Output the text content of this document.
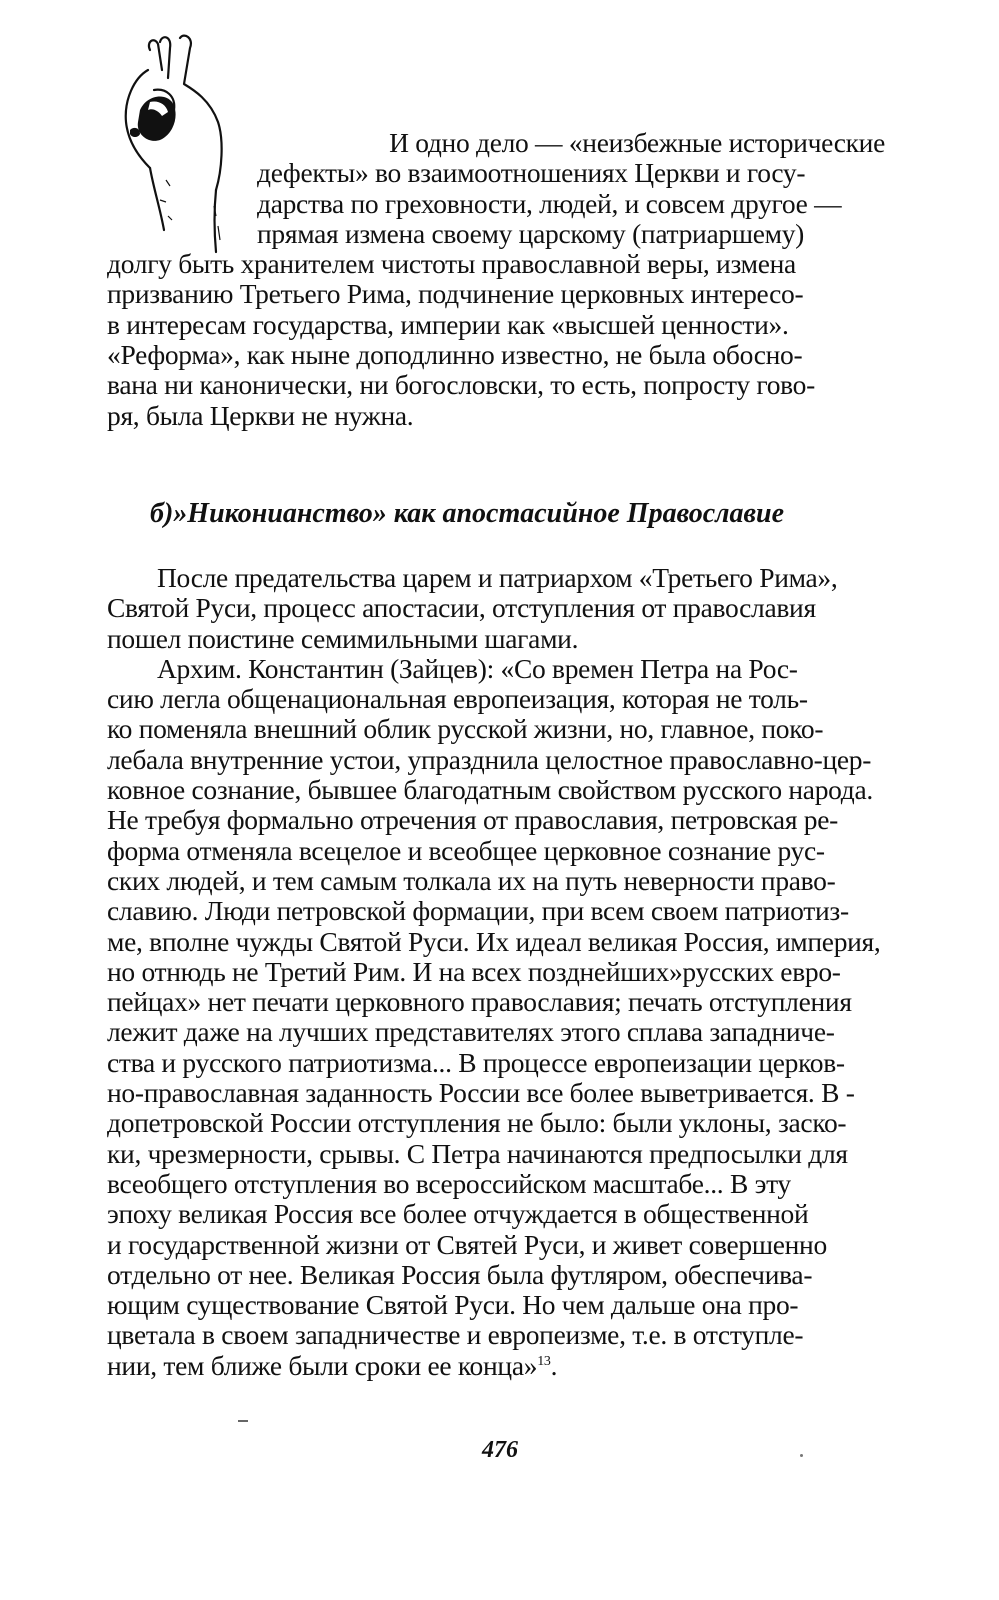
И одно дело — «неизбежные исторические
дефекты» во взаимоотношениях Церкви и госу-
дарства по греховности, людей, и совсем другое —
прямая измена своему царскому (патриаршему)
долгу быть хранителем чистоты православной веры, измена
призванию Третьего Рима, подчинение церковных интересо-
в интересам государства, империи как «высшей ценности».
«Реформа», как ныне доподлинно известно, не была обосно-
вана ни канонически, ни богословски, то есть, попросту гово-
ря, была Церкви не нужна.
б)»Никонианство» как апостасийное Православие
После предательства царем и патриархом «Третьего Рима»,
Святой Руси, процесс апостасии, отступления от православия
пошел поистине семимильными шагами.
Архим. Константин (Зайцев): «Со времен Петра на Рос-
сию легла общенациональная европеизация, которая не толь-
ко поменяла внешний облик русской жизни, но, главное, поко-
лебала внутренние устои, упразднила целостное православно-цер-
ковное сознание, бывшее благодатным свойством русского народа.
Не требуя формально отречения от православия, петровская ре-
форма отменяла всецелое и всеобщее церковное сознание рус-
ских людей, и тем самым толкала их на путь неверности право-
славию. Люди петровской формации, при всем своем патриотиз-
ме, вполне чужды Святой Руси. Их идеал великая Россия, империя,
но отнюдь не Третий Рим. И на всех позднейших»русских евро-
пейцах» нет печати церковного православия; печать отступления
лежит даже на лучших представителях этого сплава западниче-
ства и русского патриотизма... В процессе европеизации церков-
но-православная заданность России все более выветривается. В -
допетровской России отступления не было: были уклоны, заско-
ки, чрезмерности, срывы. С Петра начинаются предпосылки для
всеобщего отступления во всероссийском масштабе... В эту
эпоху великая Россия все более отчуждается в общественной
и государственной жизни от Святей Руси, и живет совершенно
отдельно от нее. Великая Россия была футляром, обеспечива-
ющим существование Святой Руси. Но чем дальше она про-
цветала в своем западничестве и европеизме, т.е. в отступле-
нии, тем ближе были сроки ее конца»$^{13}$.
476
